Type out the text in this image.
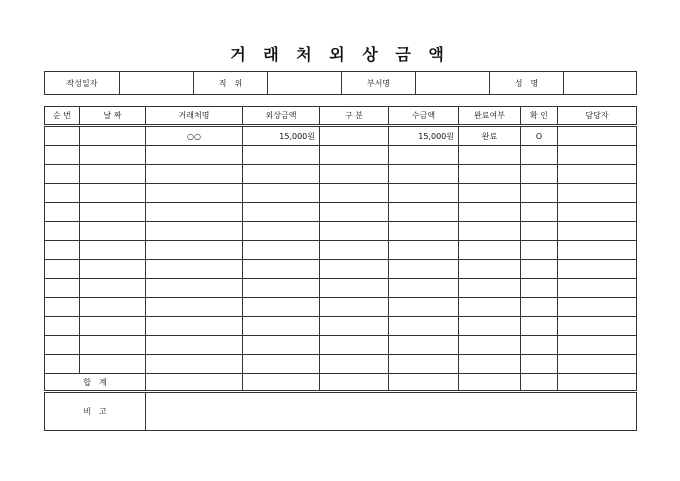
거 래 처 외 상 금 액
작성일자		직　위		부서명		성　명	
순 번	날 짜	거래처명	외상금액	구 분	수금액	완료여부	확 인	담당자
		○○	15,000원		15,000원	완료	O	

합　계								
비　고								
